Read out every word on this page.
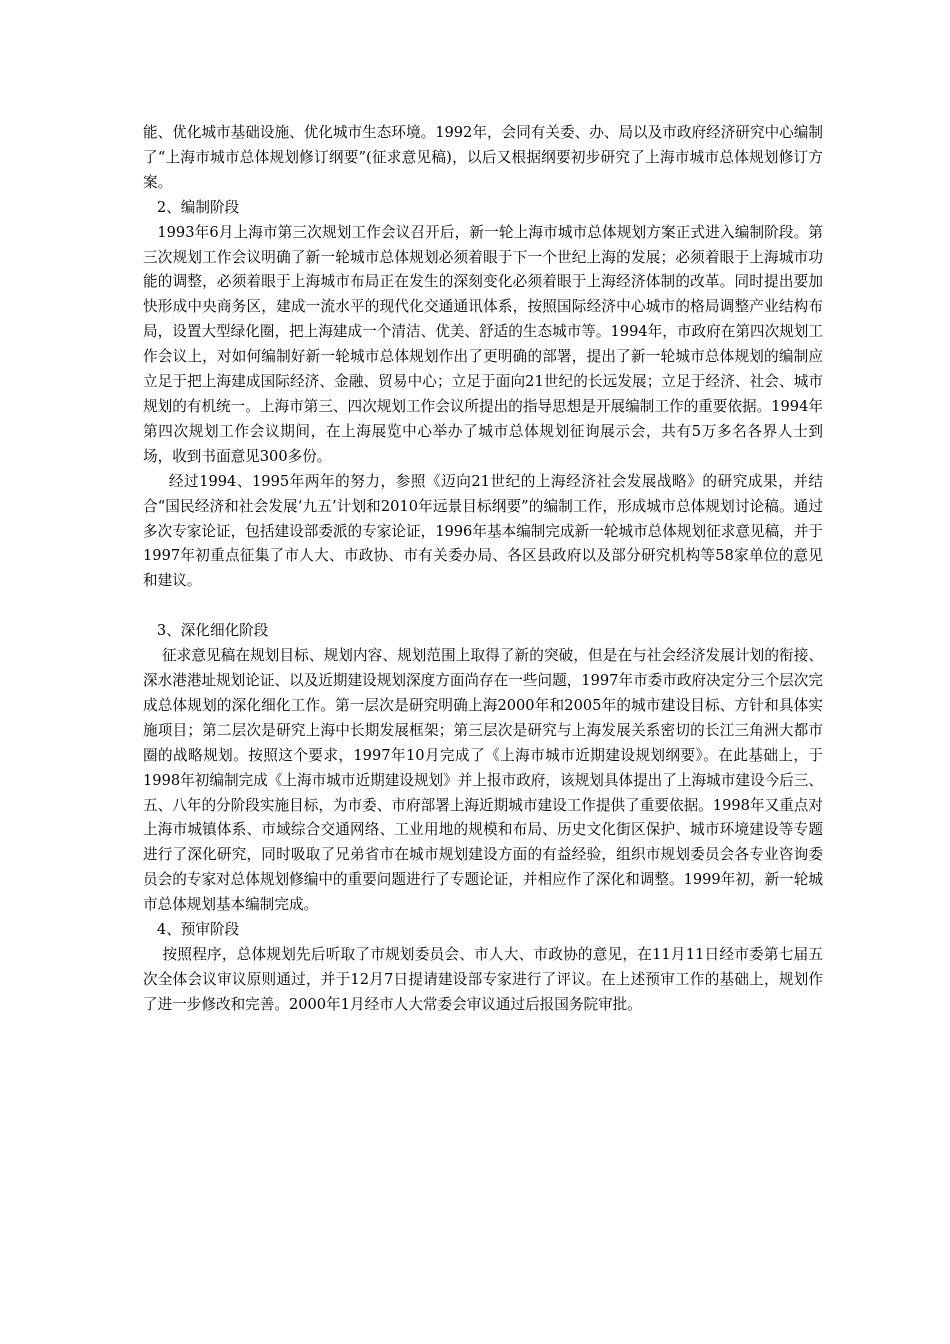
能、优化城市基础设施、优化城市生态环境。1992年，会同有关委、办、局以及市政府经济研究中心编制了“上海市城市总体规划修订纲要”(征求意见稿)，以后又根据纲要初步研究了上海市城市总体规划修订方案。

2、编制阶段

1993年6月上海市第三次规划工作会议召开后，新一轮上海市城市总体规划方案正式进入编制阶段。第三次规划工作会议明确了新一轮城市总体规划必须着眼于下一个世纪上海的发展；必须着眼于上海城市功能的调整，必须着眼于上海城市布局正在发生的深刻变化必须着眼于上海经济体制的改革。同时提出要加快形成中央商务区，建成一流水平的现代化交通通讯体系，按照国际经济中心城市的格局调整产业结构布局，设置大型绿化圈，把上海建成一个清洁、优美、舒适的生态城市等。1994年，市政府在第四次规划工作会议上，对如何编制好新一轮城市总体规划作出了更明确的部署，提出了新一轮城市总体规划的编制应立足于把上海建成国际经济、金融、贸易中心；立足于面向21世纪的长远发展；立足于经济、社会、城市规划的有机统一。上海市第三、四次规划工作会议所提出的指导思想是开展编制工作的重要依据。1994年第四次规划工作会议期间，在上海展览中心举办了城市总体规划征询展示会，共有5万多名各界人士到  场，收到书面意见300多份。

经过1994、1995年两年的努力，参照《迈向21世纪的上海经济社会发展战略》的研究成果，并结合“国民经济和社会发展‘九五’计划和2010年远景目标纲要”的编制工作，形成城市总体规划讨论稿。通过多次专家论证，包括建设部委派的专家论证，1996年基本编制完成新一轮城市总体规划征求意见稿，并于1997年初重点征集了市人大、市政协、市有关委办局、各区县政府以及部分研究机构等58家单位的意见和建议。

3、深化细化阶段

征求意见稿在规划目标、规划内容、规划范围上取得了新的突破，但是在与社会经济发展计划的衔接、深水港港址规划论证、以及近期建设规划深度方面尚存在一些问题，1997年市委市政府决定分三个层次完成总体规划的深化细化工作。第一层次是研究明确上海2000年和2005年的城市建设目标、方针和具体实施项目；第二层次是研究上海中长期发展框架；第三层次是研究与上海发展关系密切的长江三角洲大都市圈的战略规划。按照这个要求，1997年10月完成了《上海市城市近期建设规划纲要》。在此基础上，于1998年初编制完成《上海市城市近期建设规划》并上报市政府，该规划具体提出了上海城市建设今后三、五、八年的分阶段实施目标，为市委、市府部署上海近期城市建设工作提供了重要依据。1998年又重点对上海市城镇体系、市域综合交通网络、工业用地的规模和布局、历史文化街区保护、城市环境建设等专题进行了深化研究，同时吸取了兄弟省市在城市规划建设方面的有益经验，组织市规划委员会各专业咨询委员会的专家对总体规划修编中的重要问题进行了专题论证，并相应作了深化和调整。1999年初，新一轮城市总体规划基本编制完成。

4、预审阶段

按照程序，总体规划先后听取了市规划委员会、市人大、市政协的意见，在11月11日经市委第七届五次全体会议审议原则通过，并于12月7日提请建设部专家进行了评议。在上述预审工作的基础上，规划作了进一步修改和完善。2000年1月经市人大常委会审议通过后报国务院审批。
